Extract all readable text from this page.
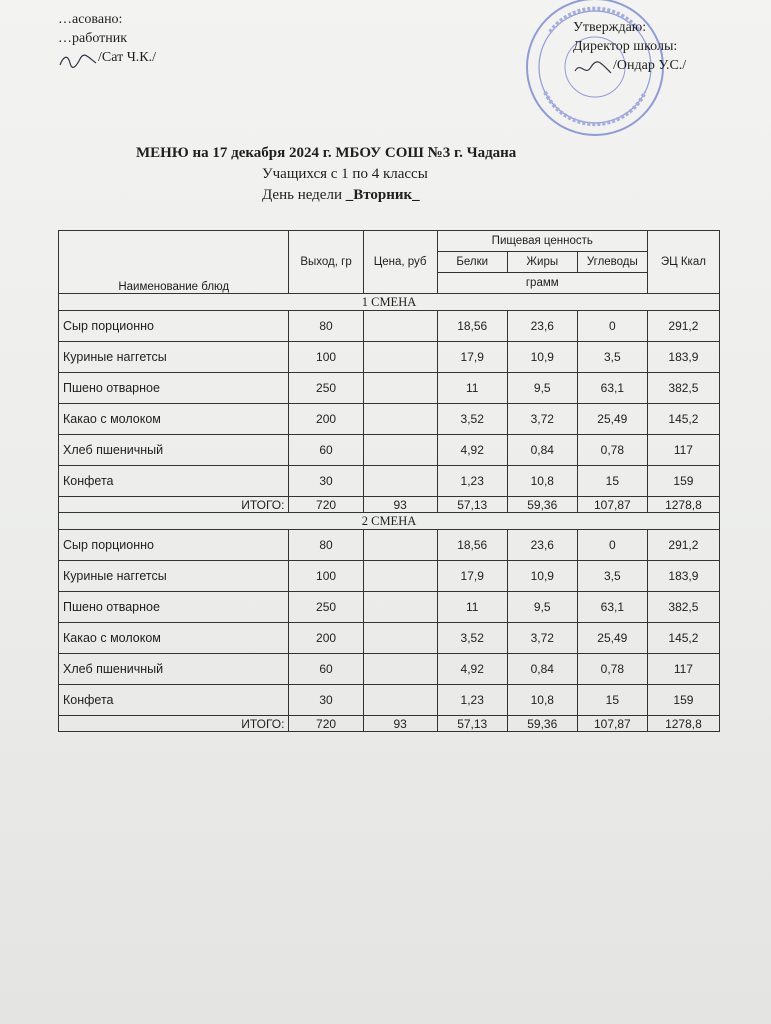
…асовано:
…работник
/Сат Ч.К./
Утверждаю:
Директор школы:
/Ондар У.С./
МЕНЮ на 17 декабря 2024 г. МБОУ СОШ №3 г. Чадана
Учащихся с 1 по 4 классы
День недели _Вторник_
Наименование блюд	Выход, гр	Цена, руб	Пищевая ценность			ЭЦ Ккал
			Белки	Жиры	Углеводы	
			грамм			
1 СМЕНА						
Сыр порционно	80		18,56	23,6	0	291,2
Куриные наггетсы	100		17,9	10,9	3,5	183,9
Пшено отварное	250		11	9,5	63,1	382,5
Какао с молоком	200		3,52	3,72	25,49	145,2
Хлеб пшеничный	60		4,92	0,84	0,78	117
Конфета	30		1,23	10,8	15	159
ИТОГО:	720	93	57,13	59,36	107,87	1278,8
2 СМЕНА						
Сыр порционно	80		18,56	23,6	0	291,2
Куриные наггетсы	100		17,9	10,9	3,5	183,9
Пшено отварное	250		11	9,5	63,1	382,5
Какао с молоком	200		3,52	3,72	25,49	145,2
Хлеб пшеничный	60		4,92	0,84	0,78	117
Конфета	30		1,23	10,8	15	159
ИТОГО:	720	93	57,13	59,36	107,87	1278,8
